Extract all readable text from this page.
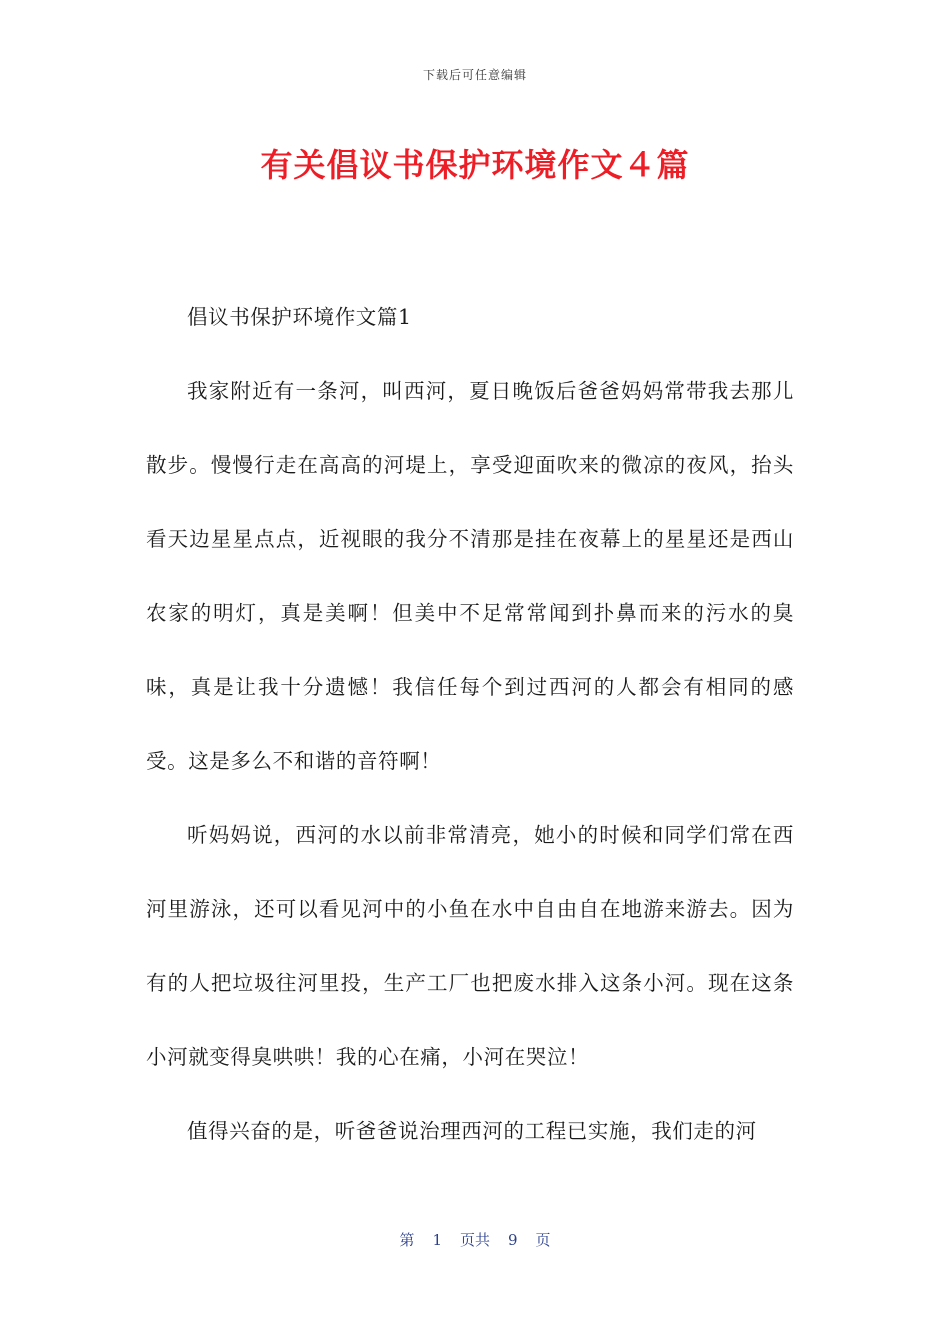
下载后可任意编辑
有关倡议书保护环境作文４篇

倡议书保护环境作文篇1

我家附近有一条河，叫西河，夏日晚饭后爸爸妈妈常带我去那儿散步。慢慢行走在高高的河堤上，享受迎面吹来的微凉的夜风，抬头看天边星星点点，近视眼的我分不清那是挂在夜幕上的星星还是西山农家的明灯，真是美啊！但美中不足常常闻到扑鼻而来的污水的臭味，真是让我十分遗憾！我信任每个到过西河的人都会有相同的感受。这是多么不和谐的音符啊！

听妈妈说，西河的水以前非常清亮，她小的时候和同学们常在西河里游泳，还可以看见河中的小鱼在水中自由自在地游来游去。因为有的人把垃圾往河里投，生产工厂也把废水排入这条小河。现在这条小河就变得臭哄哄！我的心在痛，小河在哭泣！

值得兴奋的是，听爸爸说治理西河的工程已实施，我们走的河

第 1 页共 9 页
